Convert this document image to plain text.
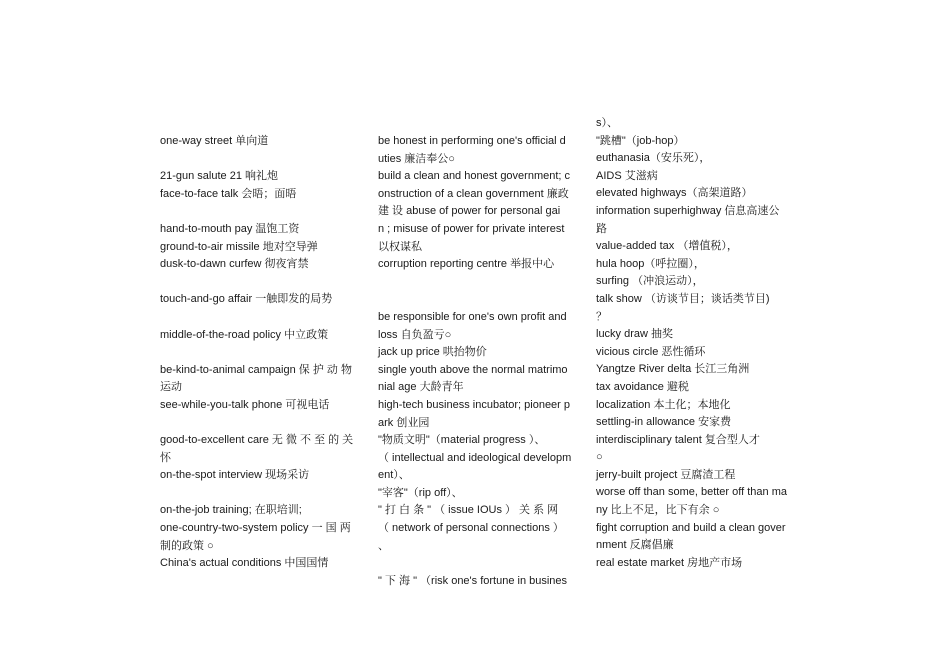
one-way street 单向道
21-gun salute 21 响礼炮
face-to-face talk 会晤；面晤
hand-to-mouth pay 温饱工资
ground-to-air missile 地对空导弹
dusk-to-dawn curfew 彻夜宵禁
touch-and-go affair 一触即发的局势
middle-of-the-road policy 中立政策
be-kind-to-animal campaign 保 护 动 物
运动
see-while-you-talk phone 可视电话
good-to-excellent care 无 微 不 至 的 关
怀
on-the-spot interview 现场采访
on-the-job training; 在职培训;
one-country-two-system policy 一 国 两
制的政策 ○
China's actual conditions 中国国情
be honest in performing one's official d
uties 廉洁奉公○
build a clean and honest government; c
onstruction of a clean government 廉政
建 设 abuse of power for personal gai
n ; misuse of power for private interest
以权谋私
corruption reporting centre 举报中心
be responsible for one's own profit and
loss 自负盈亏○
jack up price 哄抬物价
single youth above the normal matrimo
nial age 大龄青年
high-tech business incubator; pioneer p
ark 创业园
"物质文明"（material progress ）、
（ intellectual and ideological developm
ent）、
"宰客"（rip off）、
" 打 白 条 " （ issue IOUs ） 关 系 网
（ network of personal connections ）
、
" 下 海 " （risk one's fortune in busines
s）、
"跳槽"（job-hop）
euthanasia（安乐死），
AIDS 艾滋病
elevated highways（高架道路）
information superhighway 信息高速公
路
value-added tax （增值税），
hula hoop（呼拉圈），
surfing （冲浪运动），
talk show （访谈节目；谈话类节目)
？
lucky draw 抽奖
vicious circle 恶性循环
Yangtze River delta 长江三角洲
tax avoidance 避税
localization 本土化；本地化
settling-in allowance 安家费
interdisciplinary talent 复合型人才
○
jerry-built project 豆腐渣工程
worse off than some, better off than ma
ny 比上不足，比下有余 ○
fight corruption and build a clean gover
nment 反腐倡廉
real estate market 房地产市场
